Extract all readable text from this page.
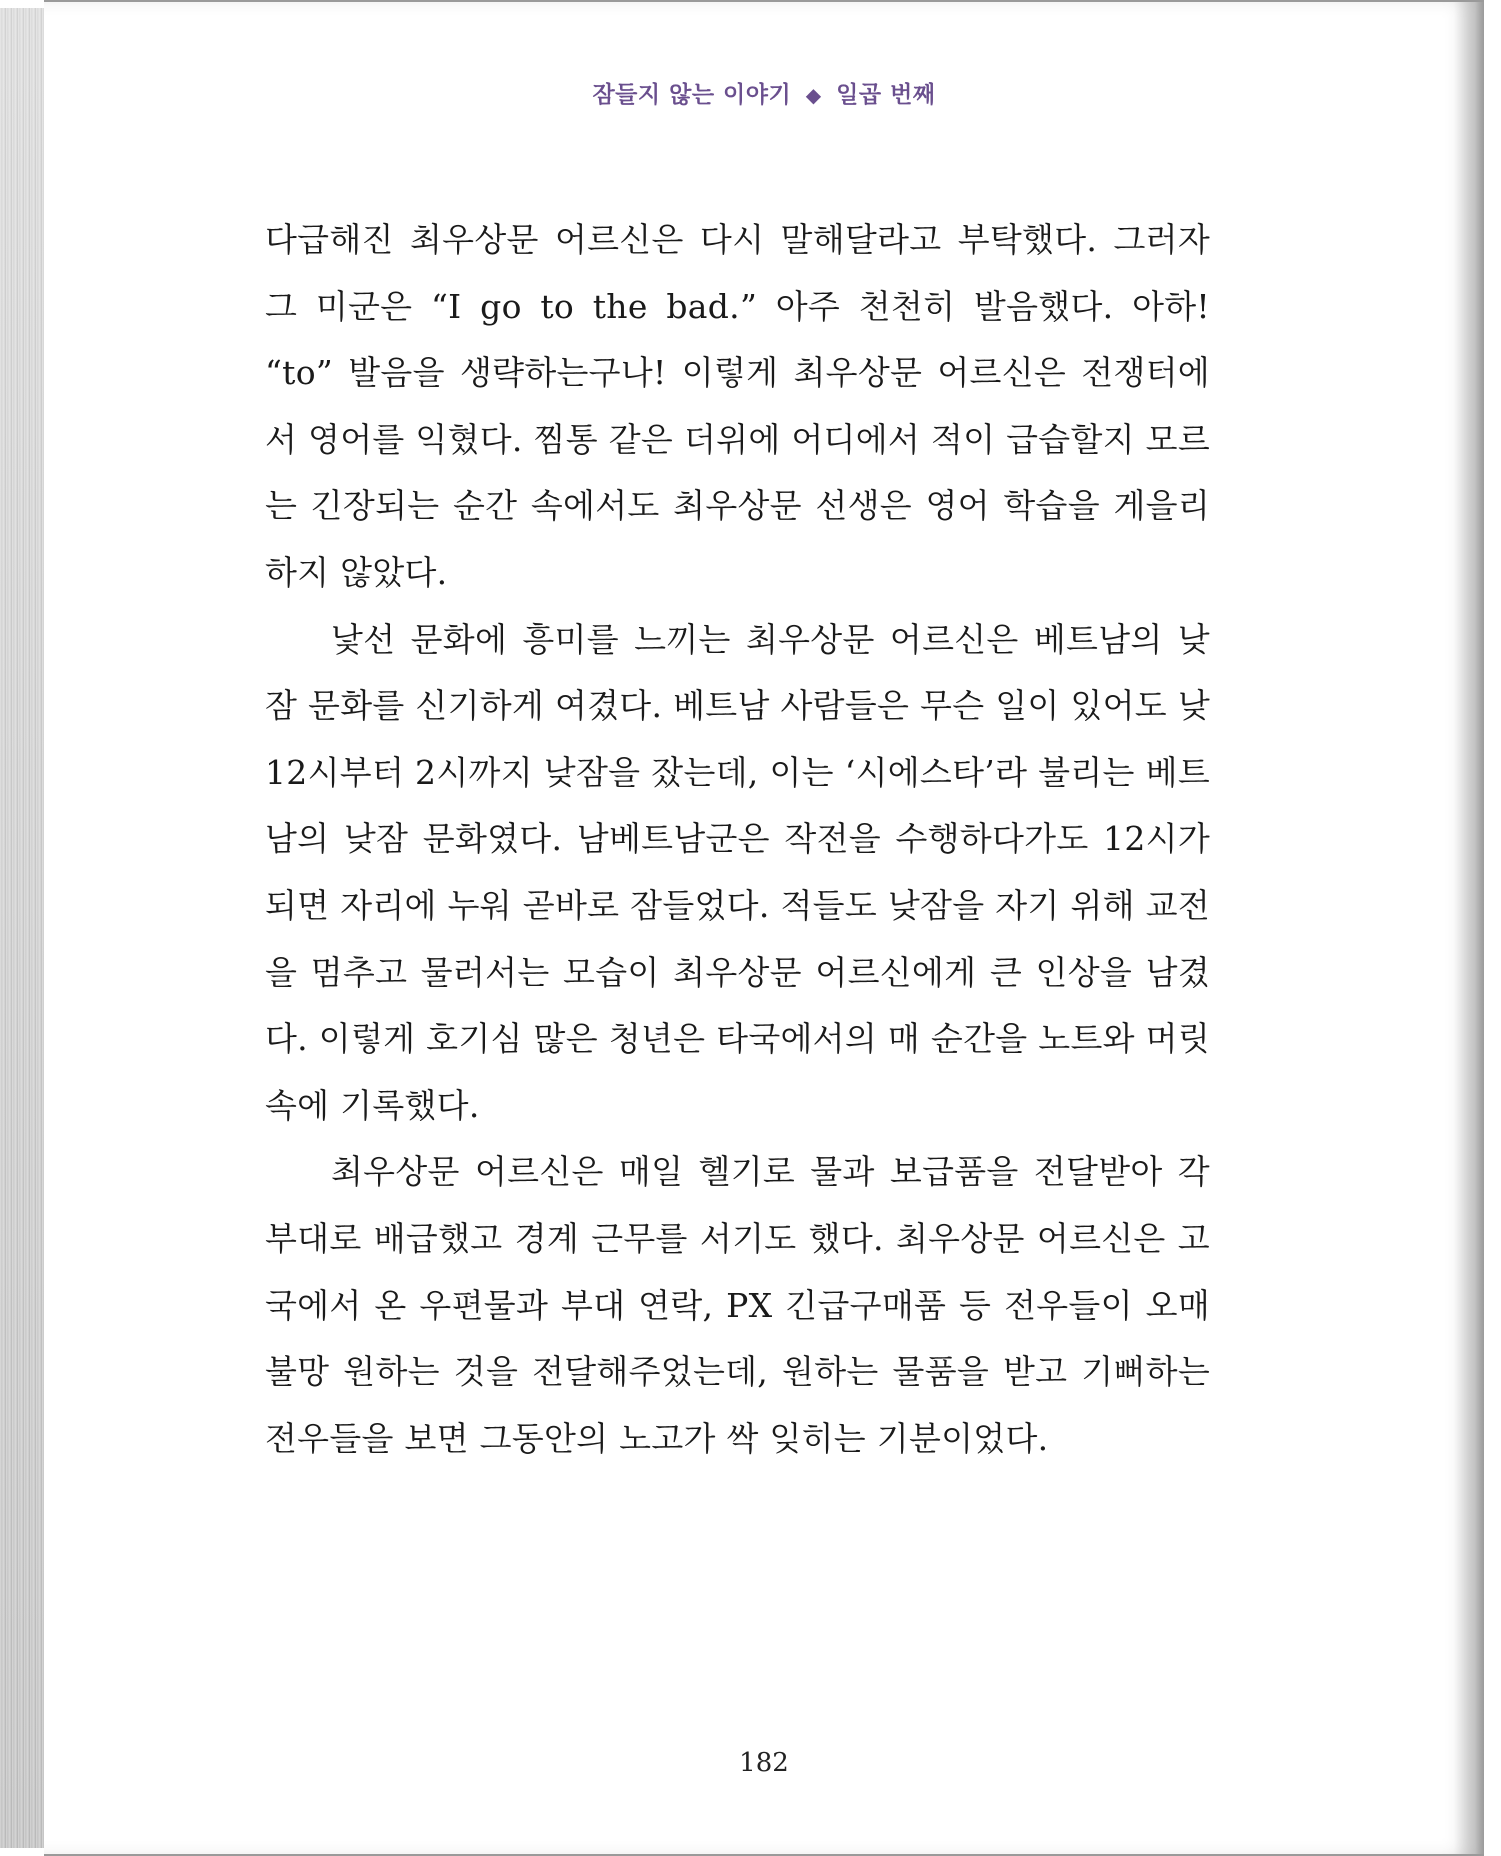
잠들지 않는 이야기 ◆ 일곱 번째

다급해진 최우상문 어르신은 다시 말해달라고 부탁했다. 그러자 그 미군은 “I go to the bad.” 아주 천천히 발음했다. 아하! “to” 발음을 생략하는구나! 이렇게 최우상문 어르신은 전쟁터에서 영어를 익혔다. 찜통 같은 더위에 어디에서 적이 급습할지 모르는 긴장되는 순간 속에서도 최우상문 선생은 영어 학습을 게을리하지 않았다.

낯선 문화에 흥미를 느끼는 최우상문 어르신은 베트남의 낮잠 문화를 신기하게 여겼다. 베트남 사람들은 무슨 일이 있어도 낮 12시부터 2시까지 낮잠을 잤는데, 이는 ‘시에스타’라 불리는 베트남의 낮잠 문화였다. 남베트남군은 작전을 수행하다가도 12시가 되면 자리에 누워 곧바로 잠들었다. 적들도 낮잠을 자기 위해 교전을 멈추고 물러서는 모습이 최우상문 어르신에게 큰 인상을 남겼다. 이렇게 호기심 많은 청년은 타국에서의 매 순간을 노트와 머릿속에 기록했다.

최우상문 어르신은 매일 헬기로 물과 보급품을 전달받아 각 부대로 배급했고 경계 근무를 서기도 했다. 최우상문 어르신은 고국에서 온 우편물과 부대 연락, PX 긴급구매품 등 전우들이 오매불망 원하는 것을 전달해주었는데, 원하는 물품을 받고 기뻐하는 전우들을 보면 그동안의 노고가 싹 잊히는 기분이었다.

182
